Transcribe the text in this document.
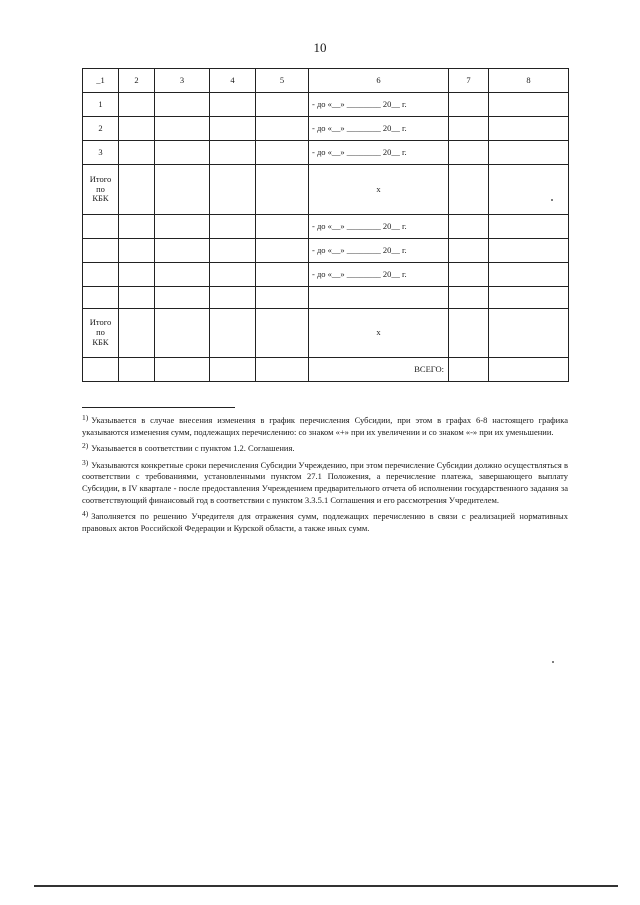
10
_1	2	3	4	5	6	7	8
1					- до «__» ________ 20__ г.		
2					- до «__» ________ 20__ г.		
3					- до «__» ________ 20__ г.		

Итого
по
КБК					x		
					- до «__» ________ 20__ г.		
					- до «__» ________ 20__ г.		
					- до «__» ________ 20__ г.		

Итого
по
КБК					x		
					ВСЕГО:		

$^{1)}$ Указывается в случае внесения изменения в график перечисления Субсидии, при этом в графах 6-8 настоящего графика указываются изменения сумм, подлежащих перечислению: со знаком «+» при их увеличении и со знаком «-» при их уменьшении.

$^{2)}$ Указывается в соответствии с пунктом 1.2. Соглашения.

$^{3)}$ Указываются конкретные сроки перечисления Субсидии Учреждению, при этом перечисление Субсидии должно осуществляться в соответствии с требованиями, установленными пунктом 27.1 Положения, а перечисление платежа, завершающего выплату Субсидии, в IV квартале - после предоставления Учреждением предварительного отчета об исполнении государственного задания за соответствующий финансовый год в соответствии с пунктом 3.3.5.1 Соглашения и его рассмотрения Учредителем.

$^{4)}$ Заполняется по решению Учредителя для отражения сумм, подлежащих перечислению в связи с реализацией нормативных правовых актов Российской Федерации и Курской области, а также иных сумм.
